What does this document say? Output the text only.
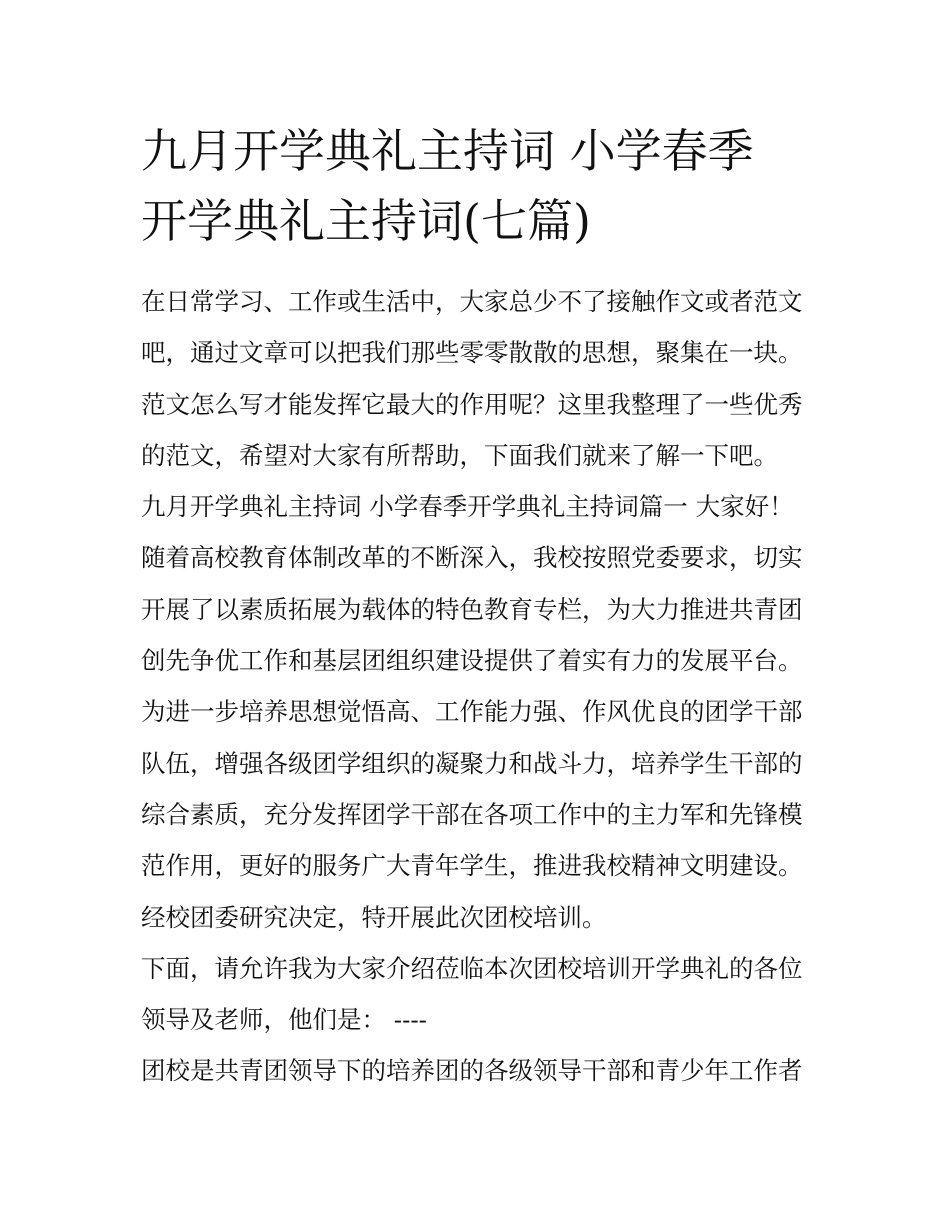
九月开学典礼主持词 小学春季
开学典礼主持词(七篇)

在日常学习、工作或生活中，大家总少不了接触作文或者范文
吧，通过文章可以把我们那些零零散散的思想，聚集在一块。
范文怎么写才能发挥它最大的作用呢？这里我整理了一些优秀
的范文，希望对大家有所帮助，下面我们就来了解一下吧。

九月开学典礼主持词 小学春季开学典礼主持词篇一 大家好！

随着高校教育体制改革的不断深入，我校按照党委要求，切实
开展了以素质拓展为载体的特色教育专栏，为大力推进共青团
创先争优工作和基层团组织建设提供了着实有力的发展平台。
为进一步培养思想觉悟高、工作能力强、作风优良的团学干部
队伍，增强各级团学组织的凝聚力和战斗力，培养学生干部的
综合素质，充分发挥团学干部在各项工作中的主力军和先锋模
范作用，更好的服务广大青年学生，推进我校精神文明建设。
经校团委研究决定，特开展此次团校培训。

下面，请允许我为大家介绍莅临本次团校培训开学典礼的各位
领导及老师，他们是： ----

团校是共青团领导下的培养团的各级领导干部和青少年工作者
